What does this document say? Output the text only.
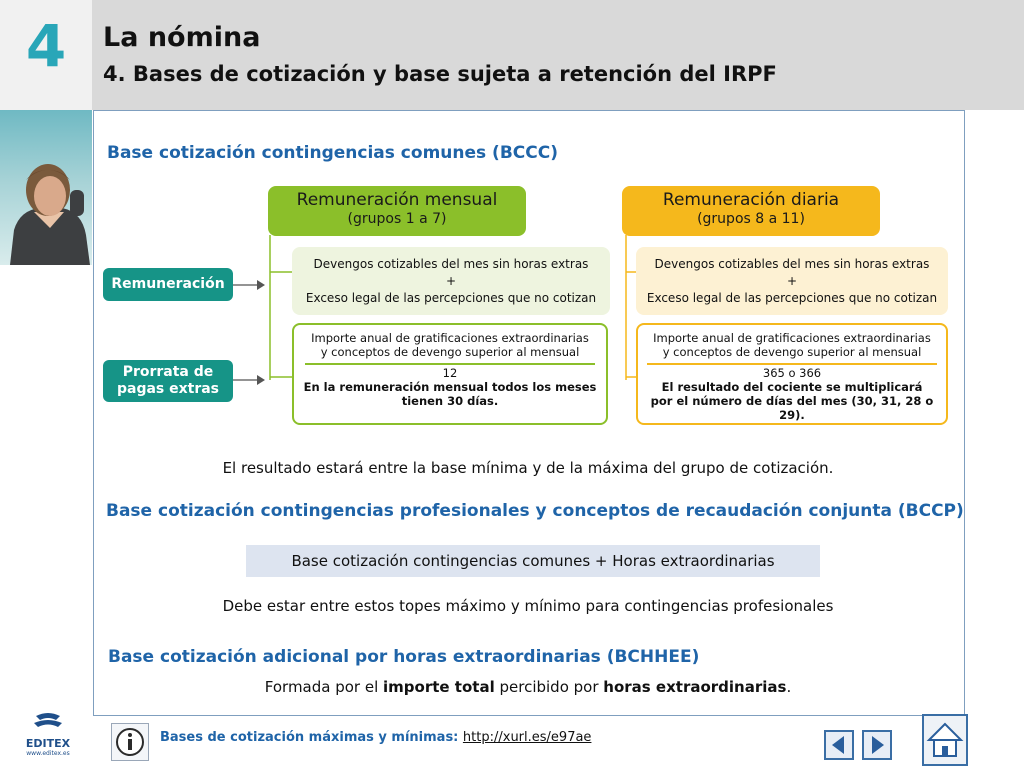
4	La nómina
4. Bases de cotización y base sujeta a retención del IRPF
Base cotización contingencias comunes (BCCC)
Remuneración
Prorrata de
pagas extras
Remuneración mensual
(grupos 1 a 7)
Devengos cotizables del mes sin horas extras
+
Exceso legal de las percepciones que no cotizan
Importe anual de gratificaciones extraordinarias
y conceptos de devengo superior al mensual
12
En la remuneración mensual todos los meses
tienen 30 días.
Remuneración diaria
(grupos 8 a 11)
Devengos cotizables del mes sin horas extras
+
Exceso legal de las percepciones que no cotizan
Importe anual de gratificaciones extraordinarias
y conceptos de devengo superior al mensual
365 o 366
El resultado del cociente se multiplicará
por el número de días del mes (30, 31, 28 o 29).
El resultado estará entre la base mínima y de la máxima del grupo de cotización.
Base cotización contingencias profesionales y conceptos de recaudación conjunta (BCCP)
Base cotización contingencias comunes + Horas extraordinarias
Debe estar entre estos topes máximo y mínimo para contingencias profesionales
Base cotización adicional por horas extraordinarias (BCHHEE)
Formada por el importe total percibido por horas extraordinarias.
EDITEX
www.editex.es
Bases de cotización máximas y mínimas: http://xurl.es/e97ae
